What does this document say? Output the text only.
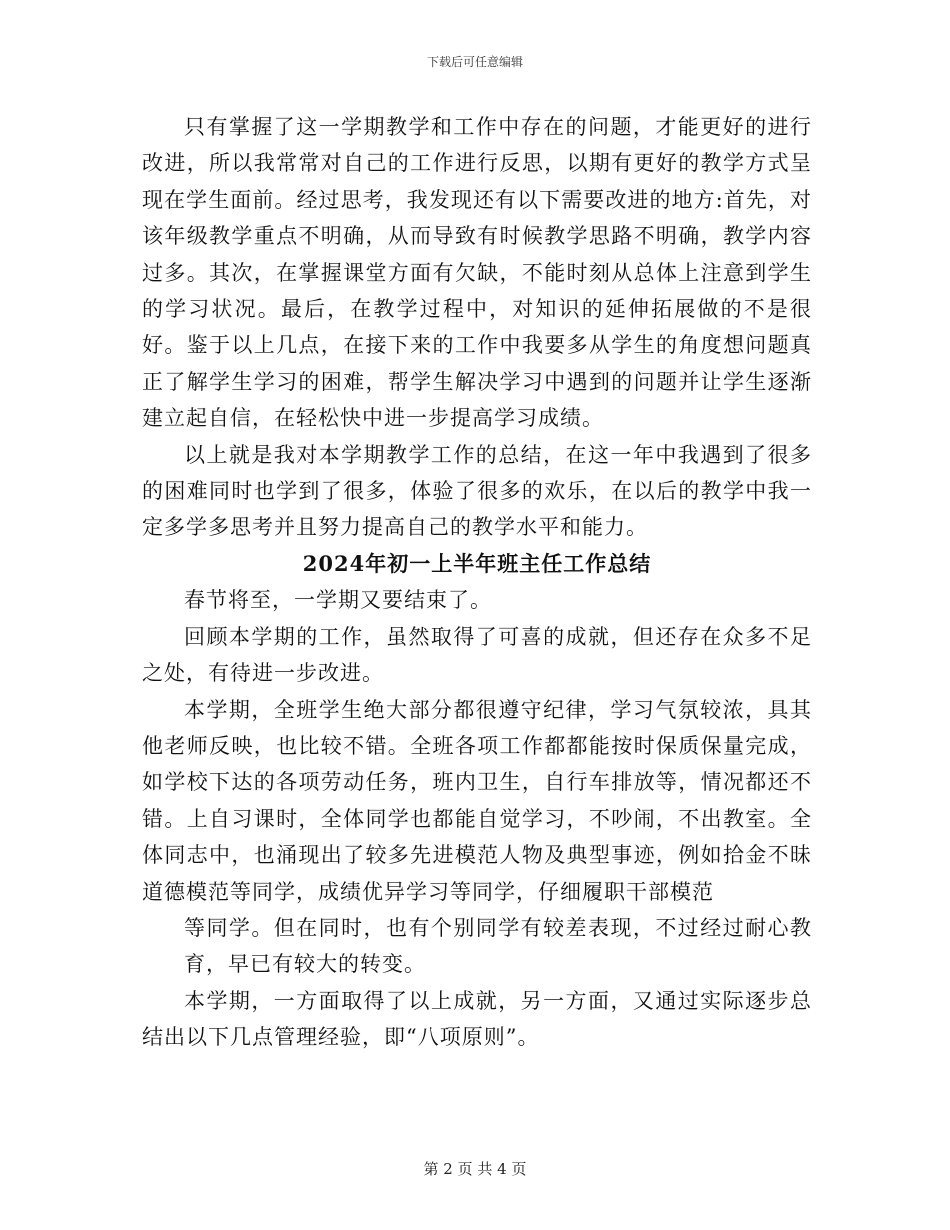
下载后可任意编辑

只有掌握了这一学期教学和工作中存在的问题，才能更好的进行改进，所以我常常对自己的工作进行反思，以期有更好的教学方式呈现在学生面前。经过思考，我发现还有以下需要改进的地方:首先，对该年级教学重点不明确，从而导致有时候教学思路不明确，教学内容过多。其次，在掌握课堂方面有欠缺，不能时刻从总体上注意到学生的学习状况。最后，在教学过程中，对知识的延伸拓展做的不是很好。鉴于以上几点，在接下来的工作中我要多从学生的角度想问题真正了解学生学习的困难，帮学生解决学习中遇到的问题并让学生逐渐建立起自信，在轻松快中进一步提高学习成绩。

以上就是我对本学期教学工作的总结，在这一年中我遇到了很多的困难同时也学到了很多，体验了很多的欢乐，在以后的教学中我一定多学多思考并且努力提高自己的教学水平和能力。

2024年初一上半年班主任工作总结

春节将至，一学期又要结束了。

回顾本学期的工作，虽然取得了可喜的成就，但还存在众多不足之处，有待进一步改进。

本学期，全班学生绝大部分都很遵守纪律，学习气氛较浓，具其他老师反映，也比较不错。全班各项工作都都能按时保质保量完成，如学校下达的各项劳动任务，班内卫生，自行车排放等，情况都还不错。上自习课时，全体同学也都能自觉学习，不吵闹，不出教室。全体同志中，也涌现出了较多先进模范人物及典型事迹，例如拾金不昧道德模范等同学，成绩优异学习等同学，仔细履职干部模范

等同学。但在同时，也有个别同学有较差表现，不过经过耐心教育，早已有较大的转变。

本学期，一方面取得了以上成就，另一方面，又通过实际逐步总结出以下几点管理经验，即“八项原则”。

第 2 页 共 4 页
